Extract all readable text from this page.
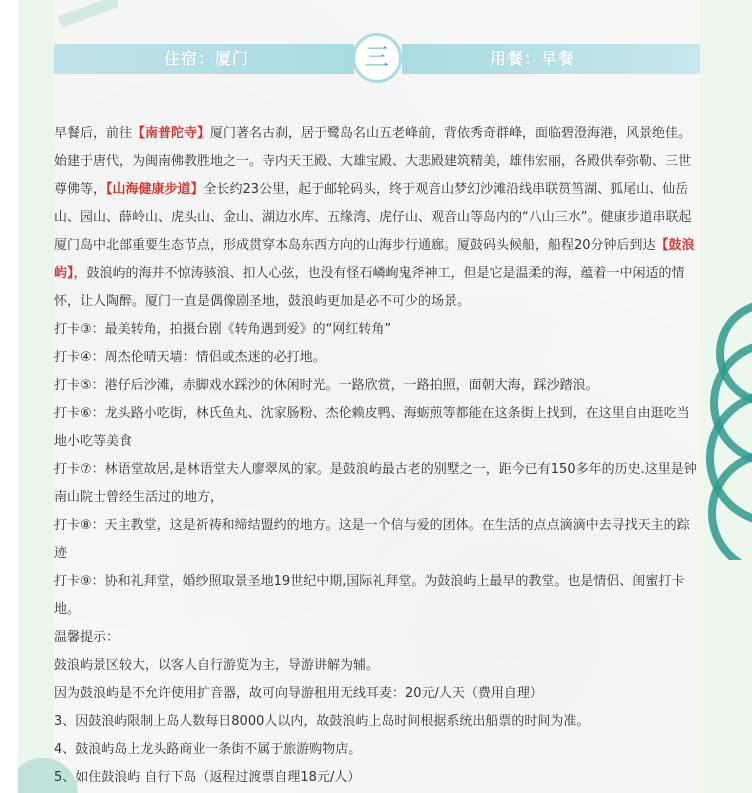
住宿：厦门	用餐：早餐
三

早餐后，前往【南普陀寺】厦门著名古刹，居于鹭岛名山五老峰前，背依秀奇群峰，面临碧澄海港，风景绝佳。始建于唐代，为闽南佛教胜地之一。寺内天王殿、大雄宝殿、大悲殿建筑精美，雄伟宏丽，各殿供奉弥勒、三世尊佛等，【山海健康步道】全长约23公里，起于邮轮码头，终于观音山梦幻沙滩沿线串联筼筜湖、狐尾山、仙岳山、园山、薛岭山、虎头山、金山、湖边水库、五缘湾、虎仔山、观音山等岛内的“八山三水”。健康步道串联起厦门岛中北部重要生态节点，形成贯穿本岛东西方向的山海步行通廊。厦鼓码头候船，船程20分钟后到达【鼓浪屿】，鼓浪屿的海并不惊涛骇浪、扣人心弦，也没有怪石嶙峋鬼斧神工，但是它是温柔的海，蕴着一中闲适的情怀，让人陶醉。厦门一直是偶像剧圣地，鼓浪屿更加是必不可少的场景。

打卡③：最美转角，拍摄台剧《转角遇到爱》的“网红转角”

打卡④：周杰伦晴天墙：情侣或杰迷的必打地。

打卡⑤：港仔后沙滩，赤脚戏水踩沙的休闲时光。一路欣赏，一路拍照，面朝大海，踩沙踏浪。

打卡⑥：龙头路小吃街，林氏鱼丸、沈家肠粉、杰伦赖皮鸭、海蛎煎等都能在这条街上找到，在这里自由逛吃当地小吃等美食

打卡⑦：林语堂故居,是林语堂夫人廖翠凤的家。是鼓浪屿最古老的别墅之一，距今已有150多年的历史.这里是钟南山院士曾经生活过的地方，

打卡⑧：天主教堂，这是祈祷和缔结盟约的地方。这是一个信与爱的团体。在生活的点点滴滴中去寻找天主的踪迹

打卡⑨：协和礼拜堂，婚纱照取景圣地19世纪中期,国际礼拜堂。为鼓浪屿上最早的教堂。也是情侣、闺蜜打卡地。

温馨提示：

鼓浪屿景区较大，以客人自行游览为主，导游讲解为辅。

因为鼓浪屿是不允许使用扩音器，故可向导游租用无线耳麦：20元/人天（费用自理）

3、因鼓浪屿限制上岛人数每日8000人以内，故鼓浪屿上岛时间根据系统出船票的时间为准。

4、鼓浪屿岛上龙头路商业一条街不属于旅游购物店。

5、如住鼓浪屿 自行下岛（返程过渡票自理18元/人）
